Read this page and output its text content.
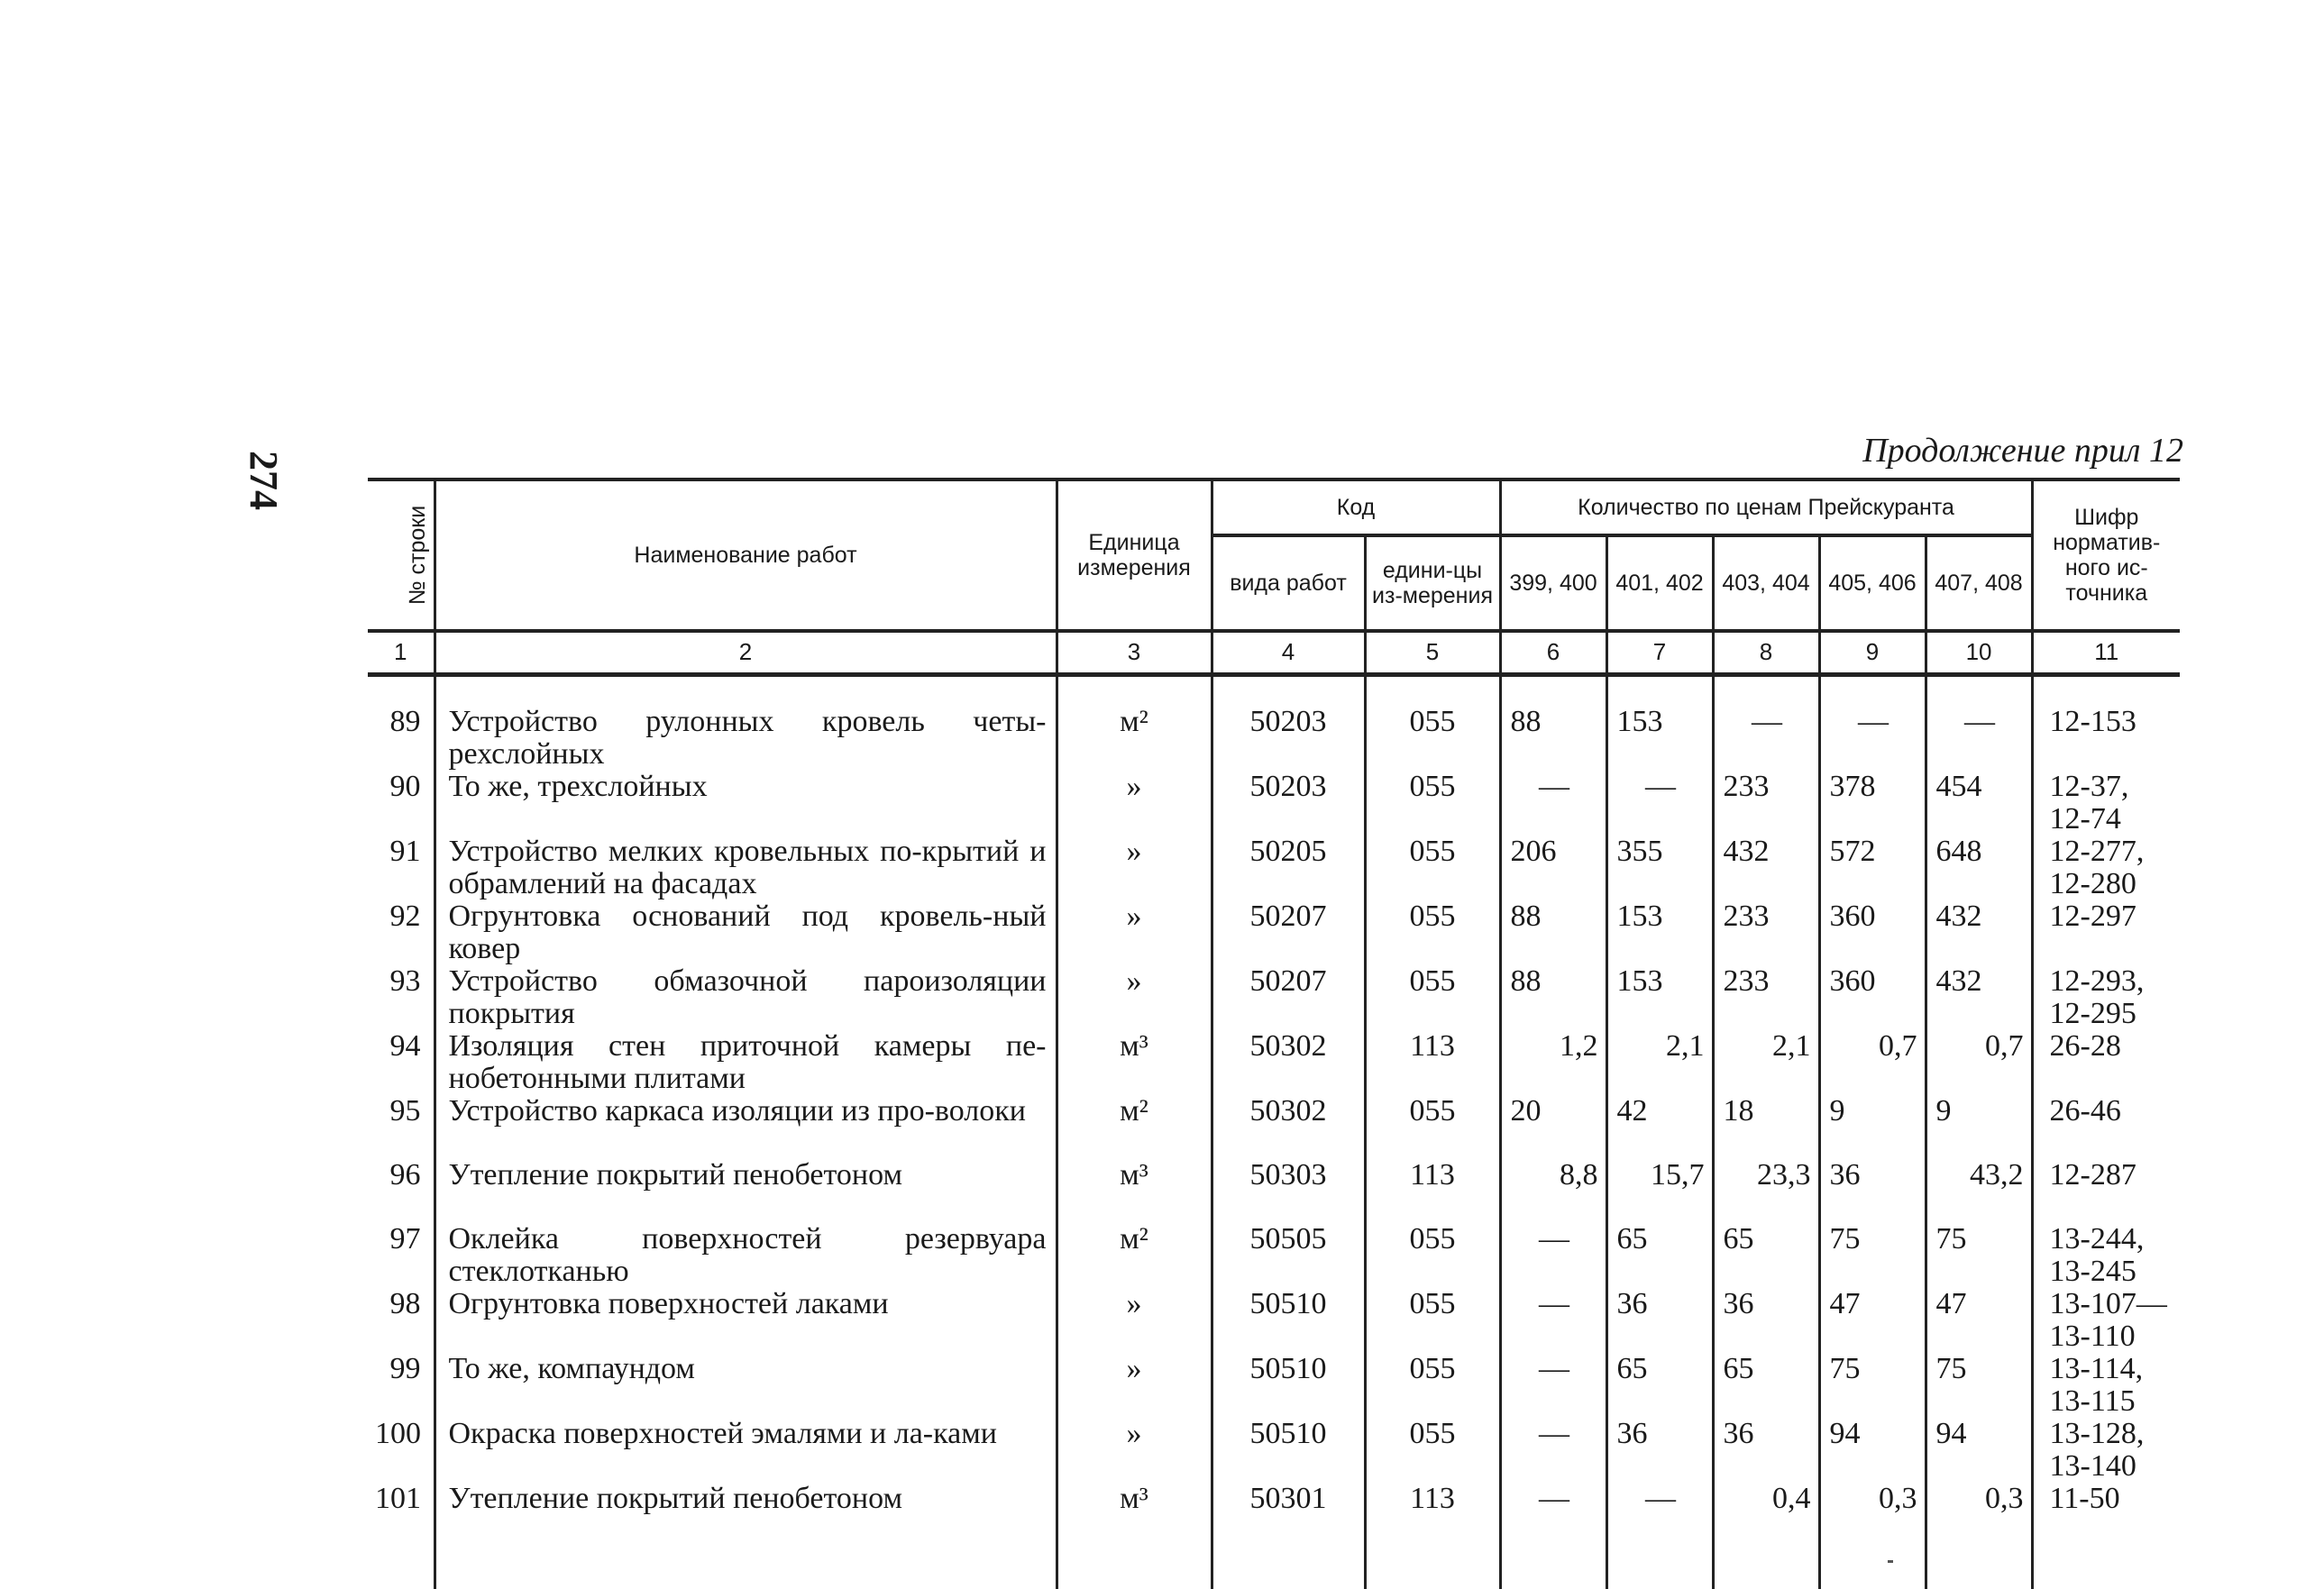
274	Продолжение прил 12
№ строки	Наименование работ	Единица измерения	Код		Количество по ценам Прейскуранта					Шифр норматив-ного ис-точника
			вида работ	едини-цы из-мерения	399, 400	401, 402	403, 404	405, 406	407, 408	
1	2	3	4	5	6	7	8	9	10	11
89	Устройство рулонных кровель четы-рехслойных	м²	50203	055	88	153	—	—	—	12-153
90	То же, трехслойных	»	50203	055	—	—	233	378	454	12-37, 12-74
91	Устройство мелких кровельных по-крытий и обрамлений на фасадах	»	50205	055	206	355	432	572	648	12-277, 12-280
92	Огрунтовка оснований под кровель-ный ковер	»	50207	055	88	153	233	360	432	12-297
93	Устройство обмазочной пароизоляции покрытия	»	50207	055	88	153	233	360	432	12-293, 12-295
94	Изоляция стен приточной камеры пе-нобетонными плитами	м³	50302	113	1,2	2,1	2,1	0,7	0,7	26-28
95	Устройство каркаса изоляции из про-волоки	м²	50302	055	20	42	18	9	9	26-46
96	Утепление покрытий пенобетоном	м³	50303	113	8,8	15,7	23,3	36	43,2	12-287
97	Оклейка поверхностей резервуара стеклотканью	м²	50505	055	—	65	65	75	75	13-244, 13-245
98	Огрунтовка поверхностей лаками	»	50510	055	—	36	36	47	47	13-107— 13-110
99	То же, компаундом	»	50510	055	—	65	65	75	75	13-114, 13-115
100	Окраска поверхностей эмалями и ла-ками	»	50510	055	—	36	36	94	94	13-128, 13-140
101	Утепление покрытий пенобетоном	м³	50301	113	—	—	0,4	0,3	0,3	11-50
